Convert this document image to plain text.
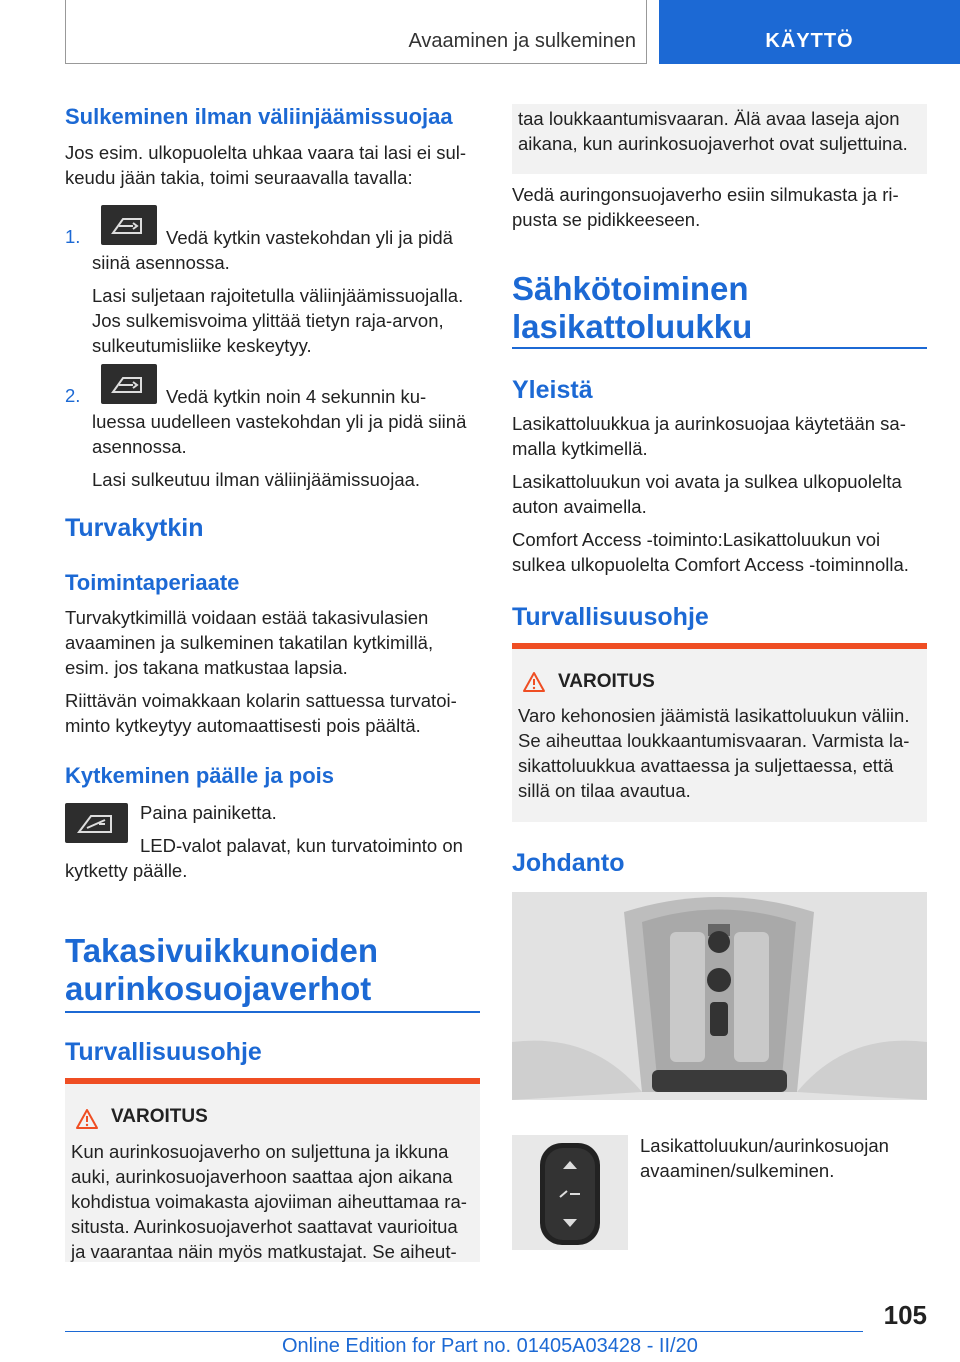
Avaaminen ja sulkeminen	KÄYTTÖ
Sulkeminen ilman väliinjäämissuojaa

Jos esim. ulkopuolelta uhkaa vaara tai lasi ei sul-

keudu jään takia, toimi seuraavalla tavalla:

1.	Vedä kytkin vastekohdan yli ja pidä

siinä asennossa.

Lasi suljetaan rajoitetulla väliinjäämissuojalla.

Jos sulkemisvoima ylittää tietyn raja-arvon,

sulkeutumisliike keskeytyy.

2.	Vedä kytkin noin 4 sekunnin ku-

luessa uudelleen vastekohdan yli ja pidä siinä

asennossa.

Lasi sulkeutuu ilman väliinjäämissuojaa.

Turvakytkin
Toimintaperiaate

Turvakytkimillä voidaan estää takasivulasien

avaaminen ja sulkeminen takatilan kytkimillä,

esim. jos takana matkustaa lapsia.

Riittävän voimakkaan kolarin sattuessa turvatoi-

minto kytkeytyy automaattisesti pois päältä.

Kytkeminen päälle ja pois

Paina painiketta.

LED-valot palavat, kun turvatoiminto on

kytketty päälle.

Takasivuikkunoiden
aurinkosuojaverhot
Turvallisuusohje
VAROITUS

Kun aurinkosuojaverho on suljettuna ja ikkuna

auki, aurinkosuojaverhoon saattaa ajon aikana

kohdistua voimakasta ajoviiman aiheuttamaa ra-

situsta. Aurinkosuojaverhot saattavat vaurioitua

ja vaarantaa näin myös matkustajat. Se aiheut-

taa loukkaantumisvaaran. Älä avaa laseja ajon

aikana, kun aurinkosuojaverhot ovat suljettuina.

Vedä auringonsuojaverho esiin silmukasta ja ri-

pusta se pidikkeeseen.

Sähkötoiminen
lasikattoluukku
Yleistä

Lasikattoluukkua ja aurinkosuojaa käytetään sa-

malla kytkimellä.

Lasikattoluukun voi avata ja sulkea ulkopuolelta

auton avaimella.

Comfort Access -toiminto:Lasikattoluukun voi

sulkea ulkopuolelta Comfort Access -toiminnolla.

Turvallisuusohje
VAROITUS

Varo kehonosien jäämistä lasikattoluukun väliin.

Se aiheuttaa loukkaantumisvaaran. Varmista la-

sikattoluukkua avattaessa ja suljettaessa, että

sillä on tilaa avautua.

Johdanto

Lasikattoluukun/aurinkosuojan

avaaminen/sulkeminen.

105
Online Edition for Part no. 01405A03428 - II/20
